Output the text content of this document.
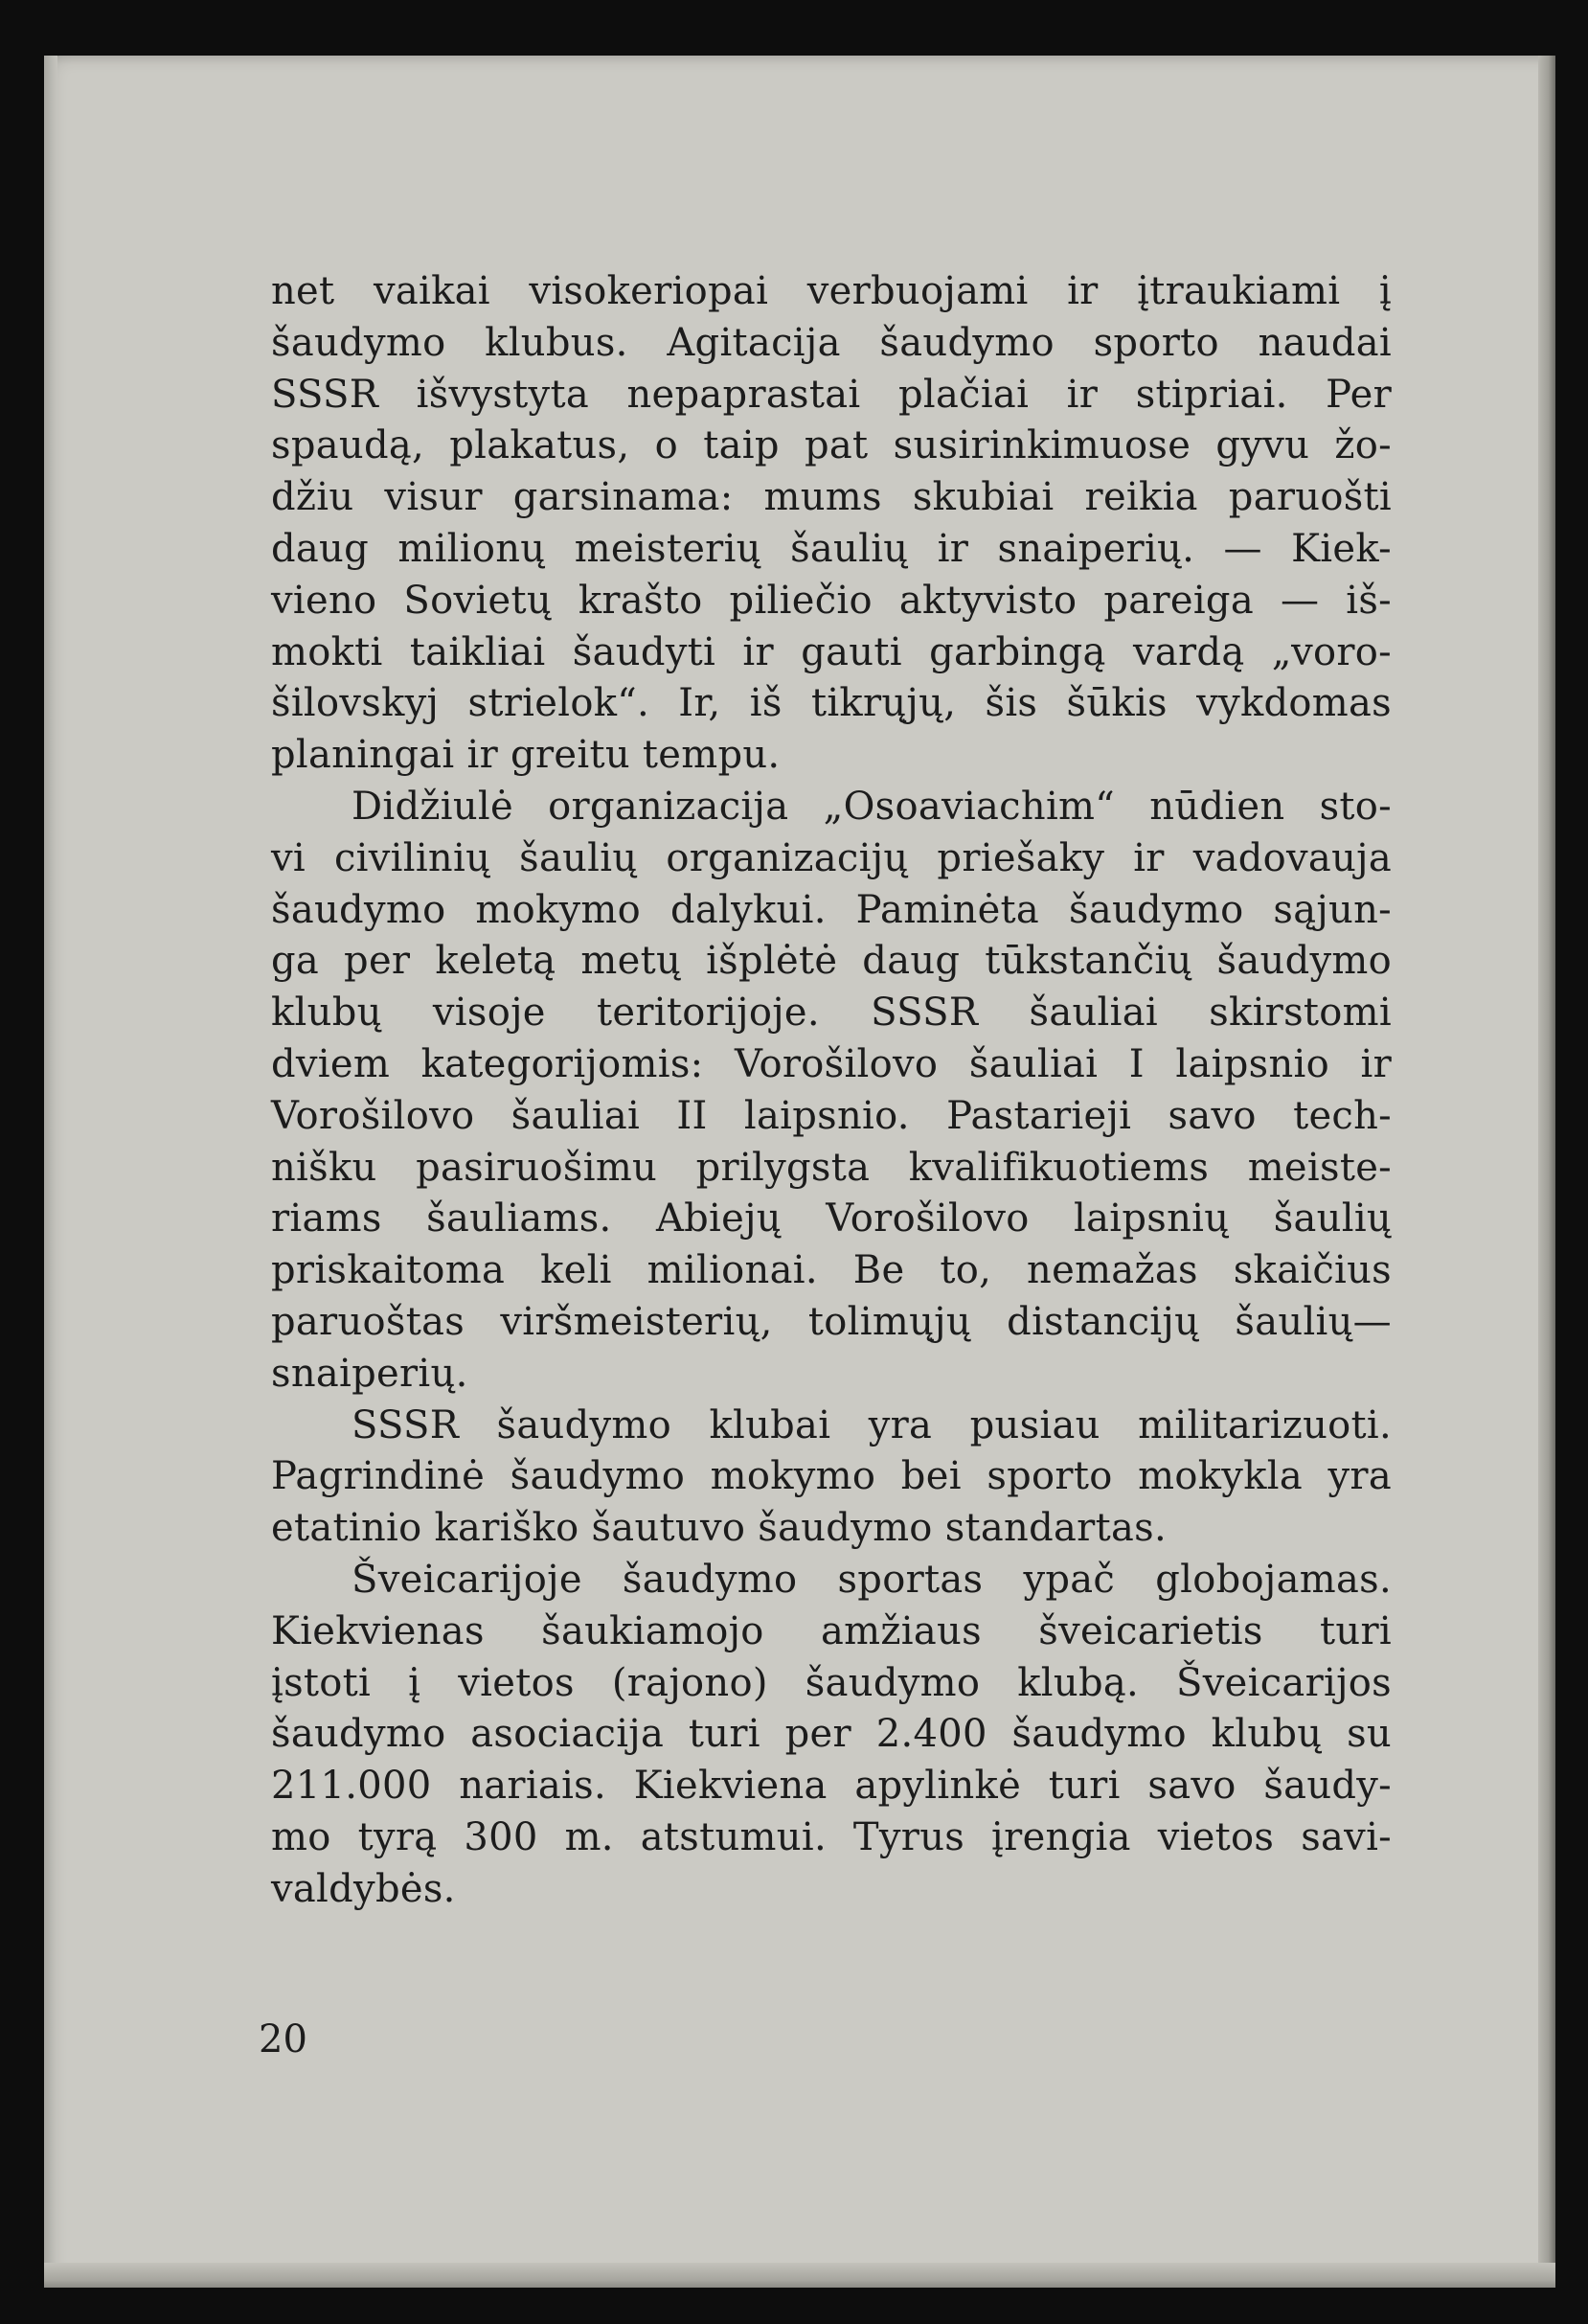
net vaikai visokeriopai verbuojami ir įtraukiami į
šaudymo klubus. Agitacija šaudymo sporto naudai
SSSR išvystyta nepaprastai plačiai ir stipriai. Per
spaudą, plakatus, o taip pat susirinkimuose gyvu žo-
džiu visur garsinama: mums skubiai reikia paruošti
daug milionų meisterių šaulių ir snaiperių. — Kiek-
vieno Sovietų krašto piliečio aktyvisto pareiga — iš-
mokti taikliai šaudyti ir gauti garbingą vardą „voro-
šilovskyj strielok“. Ir, iš tikrųjų, šis šūkis vykdomas
planingai ir greitu tempu.

Didžiulė organizacija „Osoaviachim“ nūdien sto-
vi civilinių šaulių organizacijų priešaky ir vadovauja
šaudymo mokymo dalykui. Paminėta šaudymo sąjun-
ga per keletą metų išplėtė daug tūkstančių šaudymo
klubų visoje teritorijoje. SSSR šauliai skirstomi
dviem kategorijomis: Vorošilovo šauliai I laipsnio ir
Vorošilovo šauliai II laipsnio. Pastarieji savo tech-
nišku pasiruošimu prilygsta kvalifikuotiems meiste-
riams šauliams. Abiejų Vorošilovo laipsnių šaulių
priskaitoma keli milionai. Be to, nemažas skaičius
paruoštas viršmeisterių, tolimųjų distancijų šaulių—
snaiperių.

SSSR šaudymo klubai yra pusiau militarizuoti.
Pagrindinė šaudymo mokymo bei sporto mokykla yra
etatinio kariško šautuvo šaudymo standartas.

Šveicarijoje šaudymo sportas ypač globojamas.
Kiekvienas šaukiamojo amžiaus šveicarietis turi
įstoti į vietos (rajono) šaudymo klubą. Šveicarijos
šaudymo asociacija turi per 2.400 šaudymo klubų su
211.000 nariais. Kiekviena apylinkė turi savo šaudy-
mo tyrą 300 m. atstumui. Tyrus įrengia vietos savi-
valdybės.

20
